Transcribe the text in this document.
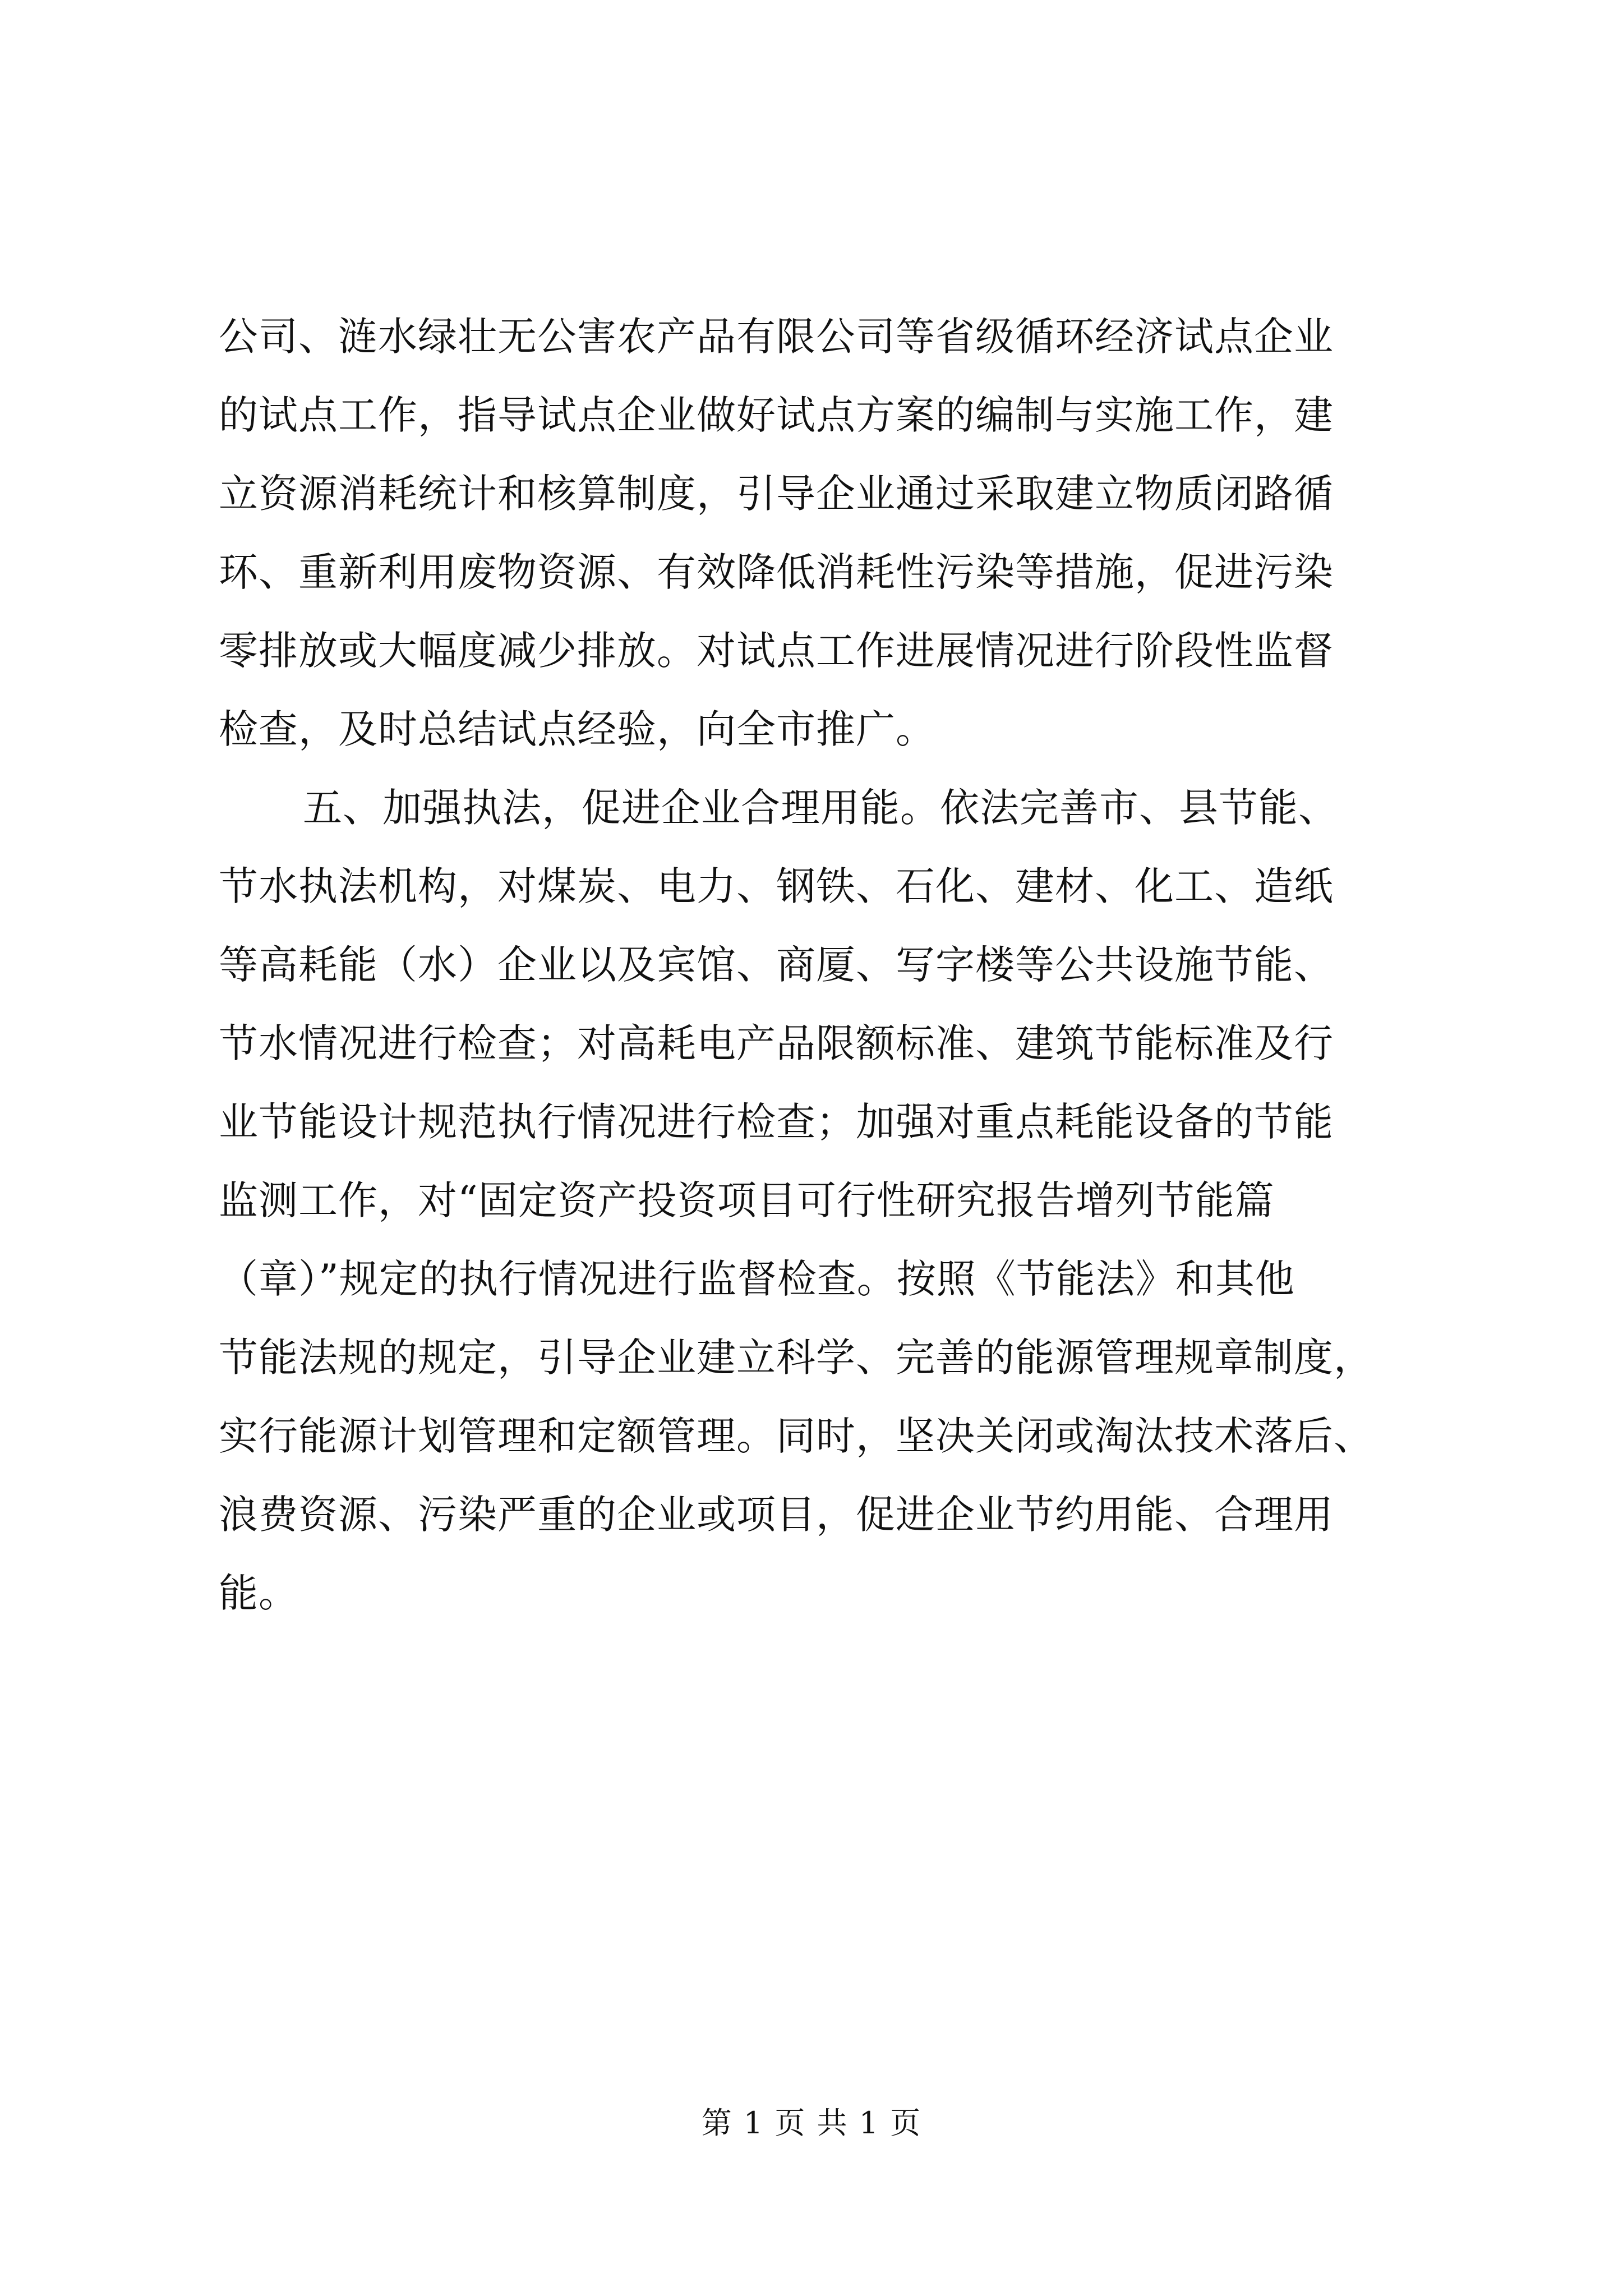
公司、涟水绿壮无公害农产品有限公司等省级循环经济试点企业
的试点工作，指导试点企业做好试点方案的编制与实施工作，建
立资源消耗统计和核算制度，引导企业通过采取建立物质闭路循
环、重新利用废物资源、有效降低消耗性污染等措施，促进污染
零排放或大幅度减少排放。对试点工作进展情况进行阶段性监督
检查，及时总结试点经验，向全市推广。

五、加强执法，促进企业合理用能。依法完善市、县节能、
节水执法机构，对煤炭、电力、钢铁、石化、建材、化工、造纸
等高耗能（水）企业以及宾馆、商厦、写字楼等公共设施节能、
节水情况进行检查；对高耗电产品限额标准、建筑节能标准及行
业节能设计规范执行情况进行检查；加强对重点耗能设备的节能
监测工作，对“固定资产投资项目可行性研究报告增列节能篇
（章）”规定的执行情况进行监督检查。按照《节能法》和其他
节能法规的规定，引导企业建立科学、完善的能源管理规章制度，
实行能源计划管理和定额管理。同时，坚决关闭或淘汰技术落后、
浪费资源、污染严重的企业或项目，促进企业节约用能、合理用
能。

第 1 页 共 1 页
